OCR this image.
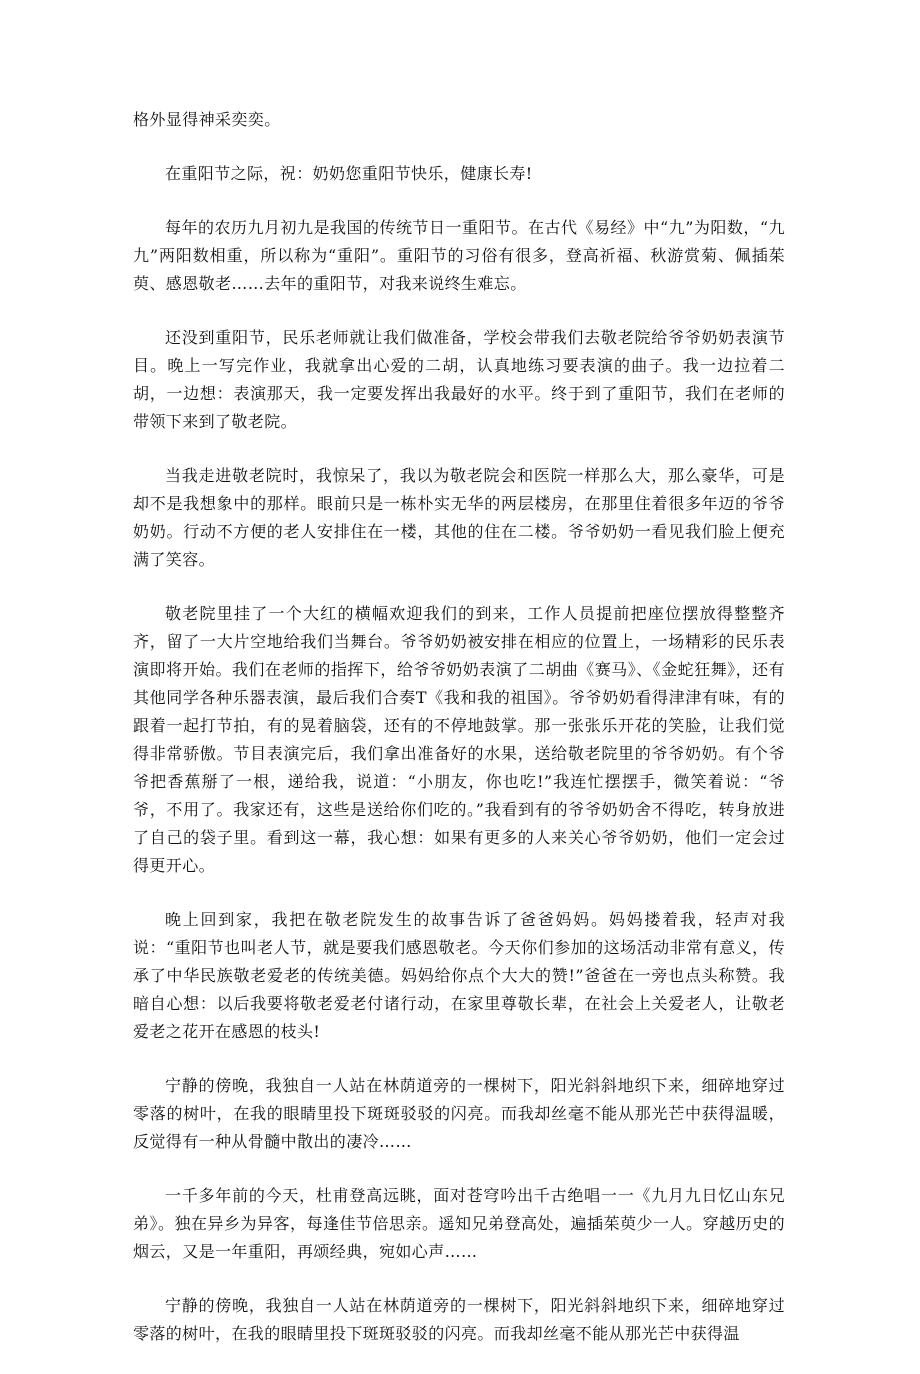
格外显得神采奕奕。

在重阳节之际，祝：奶奶您重阳节快乐，健康长寿!

每年的农历九月初九是我国的传统节日一重阳节。在古代《易经》中“九”为阳数，“九九”两阳数相重，所以称为“重阳”。重阳节的习俗有很多，登高祈福、秋游赏菊、佩插茱萸、感恩敬老……去年的重阳节，对我来说终生难忘。

还没到重阳节，民乐老师就让我们做准备，学校会带我们去敬老院给爷爷奶奶表演节目。晚上一写完作业，我就拿出心爱的二胡，认真地练习要表演的曲子。我一边拉着二胡，一边想：表演那天，我一定要发挥出我最好的水平。终于到了重阳节，我们在老师的带领下来到了敬老院。

当我走进敬老院时，我惊呆了，我以为敬老院会和医院一样那么大，那么豪华，可是却不是我想象中的那样。眼前只是一栋朴实无华的两层楼房，在那里住着很多年迈的爷爷奶奶。行动不方便的老人安排住在一楼，其他的住在二楼。爷爷奶奶一看见我们脸上便充满了笑容。

敬老院里挂了一个大红的横幅欢迎我们的到来，工作人员提前把座位摆放得整整齐齐，留了一大片空地给我们当舞台。爷爷奶奶被安排在相应的位置上，一场精彩的民乐表演即将开始。我们在老师的指挥下，给爷爷奶奶表演了二胡曲《赛马》、《金蛇狂舞》，还有其他同学各种乐器表演，最后我们合奏T《我和我的祖国》。爷爷奶奶看得津津有味，有的跟着一起打节拍，有的晃着脑袋，还有的不停地鼓掌。那一张张乐开花的笑脸，让我们觉得非常骄傲。节目表演完后，我们拿出准备好的水果，送给敬老院里的爷爷奶奶。有个爷爷把香蕉掰了一根，递给我，说道：“小朋友，你也吃!”我连忙摆摆手，微笑着说：“爷爷，不用了。我家还有，这些是送给你们吃的。”我看到有的爷爷奶奶舍不得吃，转身放进了自己的袋子里。看到这一幕，我心想：如果有更多的人来关心爷爷奶奶，他们一定会过得更开心。

晚上回到家，我把在敬老院发生的故事告诉了爸爸妈妈。妈妈搂着我，轻声对我说：“重阳节也叫老人节，就是要我们感恩敬老。今天你们参加的这场活动非常有意义，传承了中华民族敬老爱老的传统美德。妈妈给你点个大大的赞!”爸爸在一旁也点头称赞。我暗自心想：以后我要将敬老爱老付诸行动，在家里尊敬长辈，在社会上关爱老人，让敬老爱老之花开在感恩的枝头!

宁静的傍晚，我独自一人站在林荫道旁的一棵树下，阳光斜斜地织下来，细碎地穿过零落的树叶，在我的眼睛里投下斑斑驳驳的闪亮。而我却丝毫不能从那光芒中获得温暖，反觉得有一种从骨髓中散出的凄冷……

一千多年前的今天，杜甫登高远眺，面对苍穹吟出千古绝唱一一《九月九日忆山东兄弟》。独在异乡为异客，每逢佳节倍思亲。遥知兄弟登高处，遍插茱萸少一人。穿越历史的烟云，又是一年重阳，再颂经典，宛如心声……

宁静的傍晚，我独自一人站在林荫道旁的一棵树下，阳光斜斜地织下来，细碎地穿过零落的树叶，在我的眼睛里投下斑斑驳驳的闪亮。而我却丝毫不能从那光芒中获得温
